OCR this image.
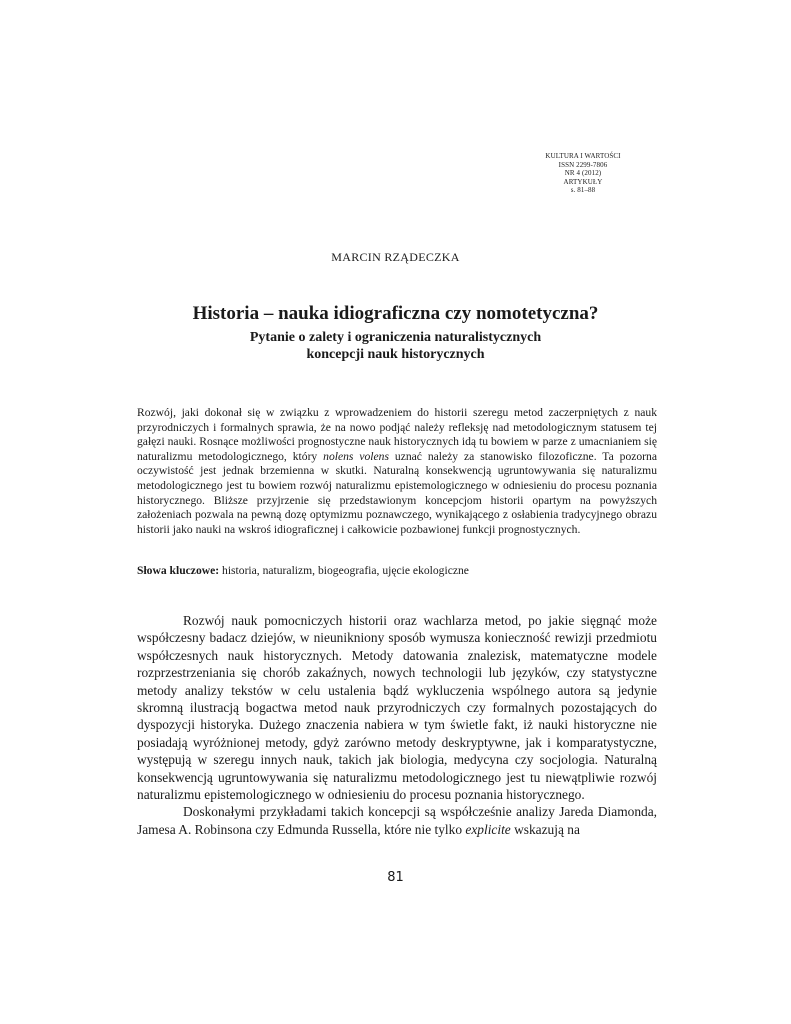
KULTURA I WARTOŚCI
ISSN 2299-7806
NR 4 (2012)
ARTYKUŁY
s. 81–88
MARCIN RZĄDECZKA
Historia – nauka idiograficzna czy nomotetyczna?
Pytanie o zalety i ograniczenia naturalistycznych
koncepcji nauk historycznych

Rozwój, jaki dokonał się w związku z wprowadzeniem do historii szeregu metod zaczerpniętych z nauk przyrodniczych i formalnych sprawia, że na nowo podjąć należy refleksję nad metodologicznym statusem tej gałęzi nauki. Rosnące możliwości prognostyczne nauk historycznych idą tu bowiem w parze z umacnianiem się naturalizmu metodologicznego, który nolens volens uznać należy za stanowisko filozoficzne. Ta pozorna oczywistość jest jednak brzemienna w skutki. Naturalną konsekwencją ugruntowywania się naturalizmu metodologicznego jest tu bowiem rozwój naturalizmu epistemologicznego w odniesieniu do procesu poznania historycznego. Bliższe przyjrzenie się przedstawionym koncepcjom historii opartym na powyższych założeniach pozwala na pewną dozę optymizmu poznawczego, wynikającego z osłabienia tradycyjnego obrazu historii jako nauki na wskroś idiograficznej i całkowicie pozbawionej funkcji prognostycznych.

Słowa kluczowe: historia, naturalizm, biogeografia, ujęcie ekologiczne

Rozwój nauk pomocniczych historii oraz wachlarza metod, po jakie sięgnąć może współczesny badacz dziejów, w nieunikniony sposób wymusza konieczność rewizji przedmiotu współczesnych nauk historycznych. Metody datowania znalezisk, matematyczne modele rozprzestrzeniania się chorób zakaźnych, nowych technologii lub języków, czy statystyczne metody analizy tekstów w celu ustalenia bądź wykluczenia wspólnego autora są jedynie skromną ilustracją bogactwa metod nauk przyrodniczych czy formalnych pozostających do dyspozycji historyka. Dużego znaczenia nabiera w tym świetle fakt, iż nauki historyczne nie posiadają wyróżnionej metody, gdyż zarówno metody deskryptywne, jak i komparatystyczne, występują w szeregu innych nauk, takich jak biologia, medycyna czy socjologia. Naturalną konsekwencją ugruntowywania się naturalizmu metodologicznego jest tu niewątpliwie rozwój naturalizmu epistemologicznego w odniesieniu do procesu poznania historycznego.

Doskonałymi przykładami takich koncepcji są współcześnie analizy Jareda Diamonda, Jamesa A. Robinsona czy Edmunda Russella, które nie tylko explicite wskazują na

81
